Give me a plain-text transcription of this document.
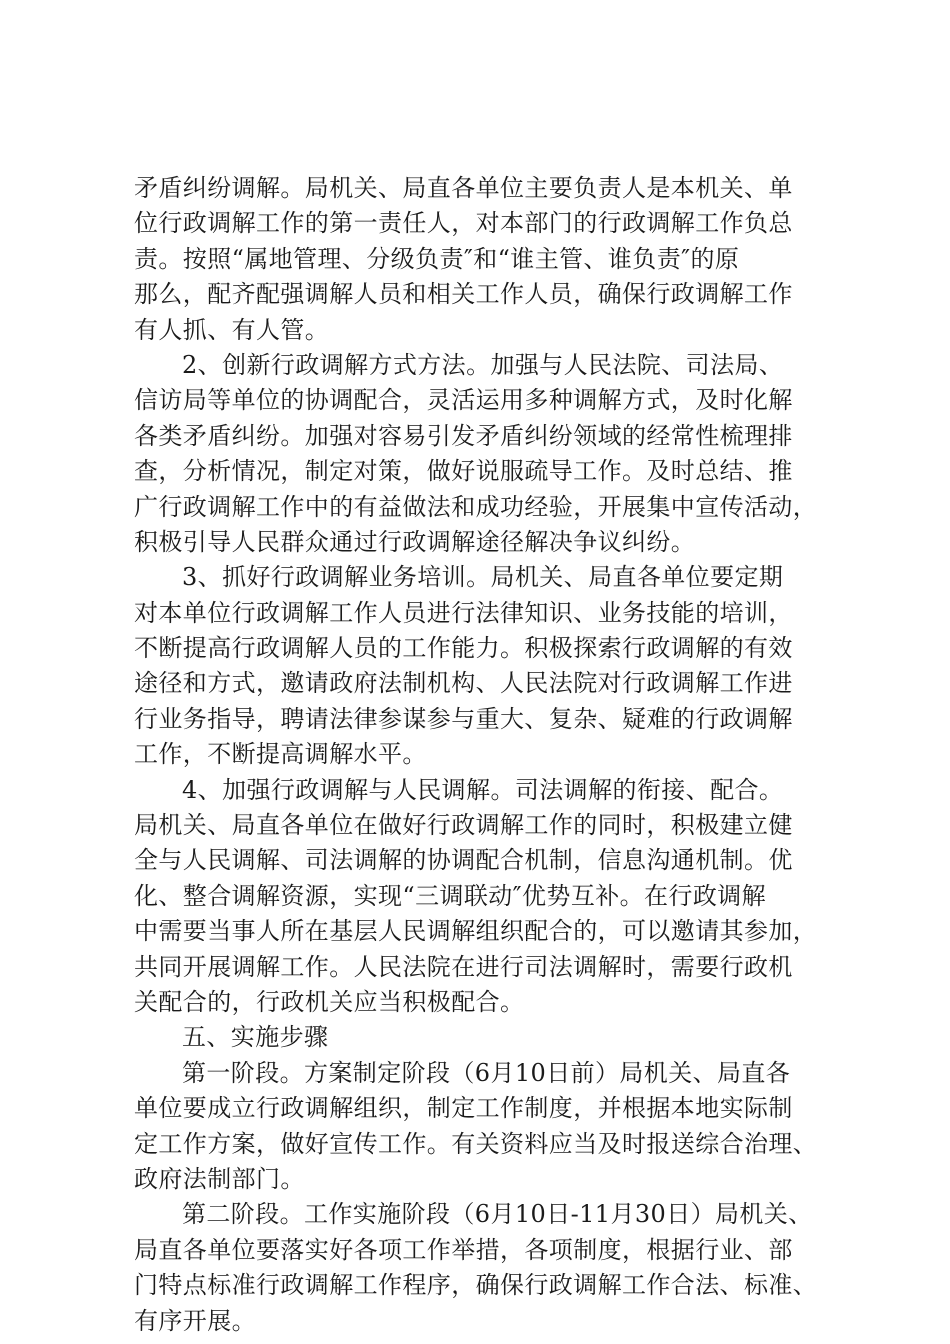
矛盾纠纷调解。局机关、局直各单位主要负责人是本机关、单
位行政调解工作的第一责任人，对本部门的行政调解工作负总
责。按照“属地管理、分级负责″和“谁主管、谁负责″的原
那么，配齐配强调解人员和相关工作人员，确保行政调解工作
有人抓、有人管。
2、创新行政调解方式方法。加强与人民法院、司法局、
信访局等单位的协调配合，灵活运用多种调解方式，及时化解
各类矛盾纠纷。加强对容易引发矛盾纠纷领域的经常性梳理排
查，分析情况，制定对策，做好说服疏导工作。及时总结、推
广行政调解工作中的有益做法和成功经验，开展集中宣传活动，
积极引导人民群众通过行政调解途径解决争议纠纷。
3、抓好行政调解业务培训。局机关、局直各单位要定期
对本单位行政调解工作人员进行法律知识、业务技能的培训，
不断提高行政调解人员的工作能力。积极探索行政调解的有效
途径和方式，邀请政府法制机构、人民法院对行政调解工作进
行业务指导，聘请法律参谋参与重大、复杂、疑难的行政调解
工作，不断提高调解水平。
4、加强行政调解与人民调解。司法调解的衔接、配合。
局机关、局直各单位在做好行政调解工作的同时，积极建立健
全与人民调解、司法调解的协调配合机制，信息沟通机制。优
化、整合调解资源，实现“三调联动″优势互补。在行政调解
中需要当事人所在基层人民调解组织配合的，可以邀请其参加，
共同开展调解工作。人民法院在进行司法调解时，需要行政机
关配合的，行政机关应当积极配合。
五、实施步骤
第一阶段。方案制定阶段（6月10日前）局机关、局直各
单位要成立行政调解组织，制定工作制度，并根据本地实际制
定工作方案，做好宣传工作。有关资料应当及时报送综合治理、
政府法制部门。
第二阶段。工作实施阶段（6月10日-11月30日）局机关、
局直各单位要落实好各项工作举措，各项制度，根据行业、部
门特点标准行政调解工作程序，确保行政调解工作合法、标准、
有序开展。
